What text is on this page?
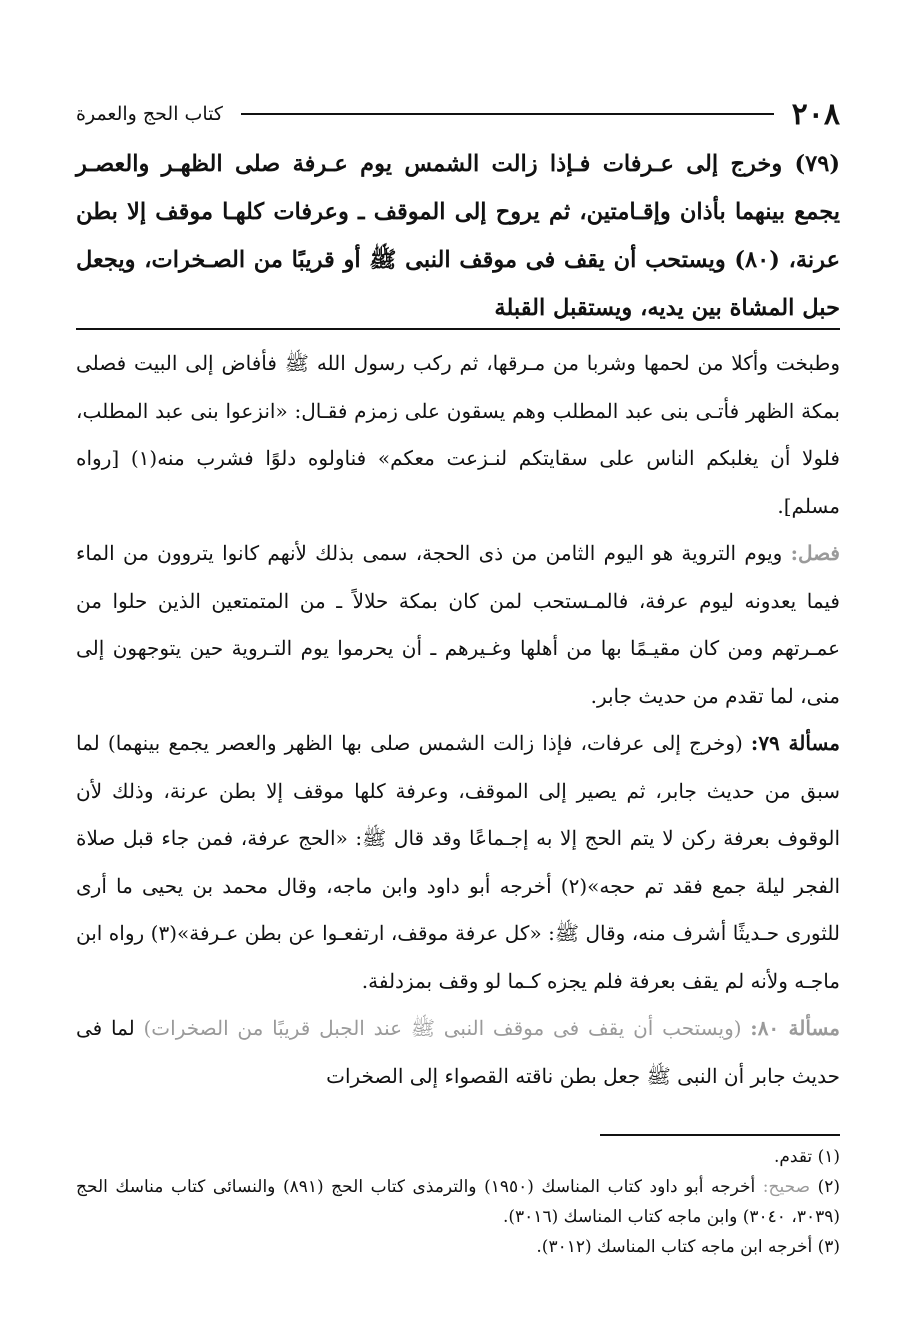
٢٠٨
كتاب الحج والعمرة

(٧٩) وخرج إلى عـرفات فـإذا زالت الشمس يوم عـرفة صلى الظهـر والعصـر يجمع بينهما بأذان وإقـامتين، ثم يروح إلى الموقف ـ وعرفات كلهـا موقف إلا بطن عرنة، (٨٠) ويستحب أن يقف فى موقف النبى ﷺ أو قريبًا من الصـخرات، ويجعل حبل المشاة بين يديه، ويستقبل القبلة

وطبخت وأكلا من لحمها وشربا من مـرقها، ثم ركب رسول الله ﷺ فأفاض إلى البيت فصلى بمكة الظهر فأتـى بنى عبد المطلب وهم يسقون على زمزم فقـال: «انزعوا بنى عبد المطلب، فلولا أن يغلبكم الناس على سقايتكم لنـزعت معكم» فناولوه دلوًا فشرب منه(١) [رواه مسلم].

فصل: ويوم التروية هو اليوم الثامن من ذى الحجة، سمى بذلك لأنهم كانوا يتروون من الماء فيما يعدونه ليوم عرفة، فالمـستحب لمن كان بمكة حلالاً ـ من المتمتعين الذين حلوا من عمـرتهم ومن كان مقيـمًا بها من أهلها وغـيرهم ـ أن يحرموا يوم التـروية حين يتوجهون إلى منى، لما تقدم من حديث جابر.

مسألة ٧٩: (وخرج إلى عرفات، فإذا زالت الشمس صلى بها الظهر والعصر يجمع بينهما) لما سبق من حديث جابر، ثم يصير إلى الموقف، وعرفة كلها موقف إلا بطن عرنة، وذلك لأن الوقوف بعرفة ركن لا يتم الحج إلا به إجـماعًا وقد قال ﷺ: «الحج عرفة، فمن جاء قبل صلاة الفجر ليلة جمع فقد تم حجه»(٢) أخرجه أبو داود وابن ماجه، وقال محمد بن يحيى ما أرى للثورى حـديثًا أشرف منه، وقال ﷺ: «كل عرفة موقف، ارتفعـوا عن بطن عـرفة»(٣) رواه ابن ماجـه ولأنه لم يقف بعرفة فلم يجزه كـما لو وقف بمزدلفة.

مسألة ٨٠: (ويستحب أن يقف فى موقف النبى ﷺ عند الجبل قريبًا من الصخرات) لما فى حديث جابر أن النبى ﷺ جعل بطن ناقته القصواء إلى الصخرات

(١) تقدم.

(٢) صحيح: أخرجه أبو داود كتاب المناسك (١٩٥٠) والترمذى كتاب الحج (٨٩١) والنسائى كتاب مناسك الحج (٣٠٣٩، ٣٠٤٠) وابن ماجه كتاب المناسك (٣٠١٦).

(٣) أخرجه ابن ماجه كتاب المناسك (٣٠١٢).
